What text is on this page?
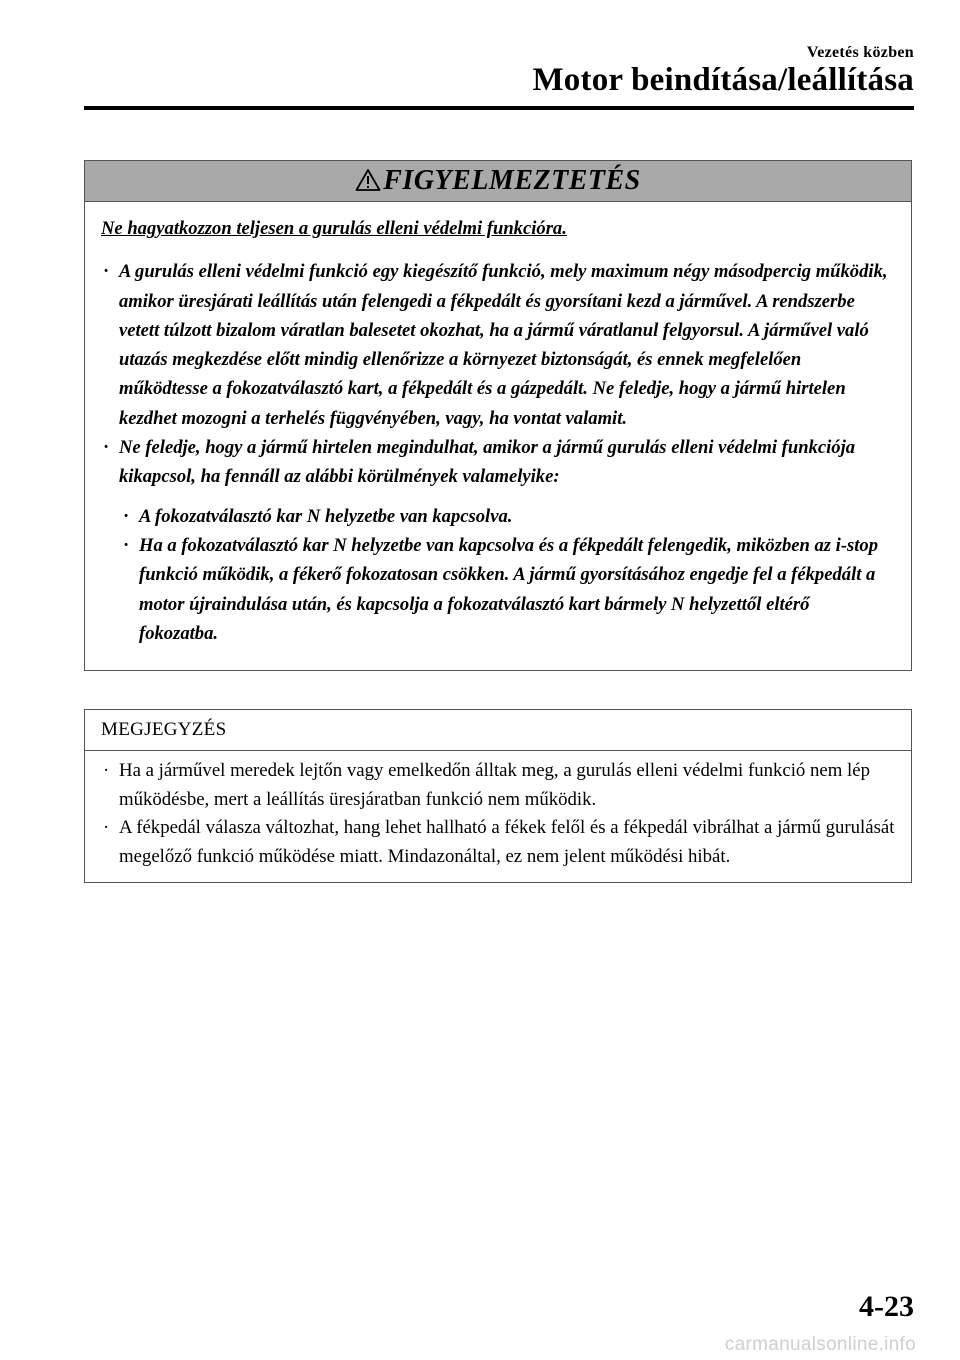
Vezetés közben
Motor beindítása/leállítása
FIGYELMEZTETÉS
Ne hagyatkozzon teljesen a gurulás elleni védelmi funkcióra.
· A gurulás elleni védelmi funkció egy kiegészítő funkció, mely maximum négy másodpercig működik, amikor üresjárati leállítás után felengedi a fékpedált és gyorsítani kezd a járművel. A rendszerbe vetett túlzott bizalom váratlan balesetet okozhat, ha a jármű váratlanul felgyorsul. A járművel való utazás megkezdése előtt mindig ellenőrizze a környezet biztonságát, és ennek megfelelően működtesse a fokozatválasztó kart, a fékpedált és a gázpedált. Ne feledje, hogy a jármű hirtelen kezdhet mozogni a terhelés függvényében, vagy, ha vontat valamit.
· Ne feledje, hogy a jármű hirtelen megindulhat, amikor a jármű gurulás elleni védelmi funkciója kikapcsol, ha fennáll az alábbi körülmények valamelyike:
· A fokozatválasztó kar N helyzetbe van kapcsolva.
· Ha a fokozatválasztó kar N helyzetbe van kapcsolva és a fékpedált felengedik, miközben az i-stop funkció működik, a fékerő fokozatosan csökken. A jármű gyorsításához engedje fel a fékpedált a motor újraindulása után, és kapcsolja a fokozatválasztó kart bármely N helyzettől eltérő fokozatba.
MEGJEGYZÉS
· Ha a járművel meredek lejtőn vagy emelkedőn álltak meg, a gurulás elleni védelmi funkció nem lép működésbe, mert a leállítás üresjáratban funkció nem működik.
· A fékpedál válasza változhat, hang lehet hallható a fékek felől és a fékpedál vibrálhat a jármű gurulását megelőző funkció működése miatt. Mindazonáltal, ez nem jelent működési hibát.
4-23
carmanualsonline.info
